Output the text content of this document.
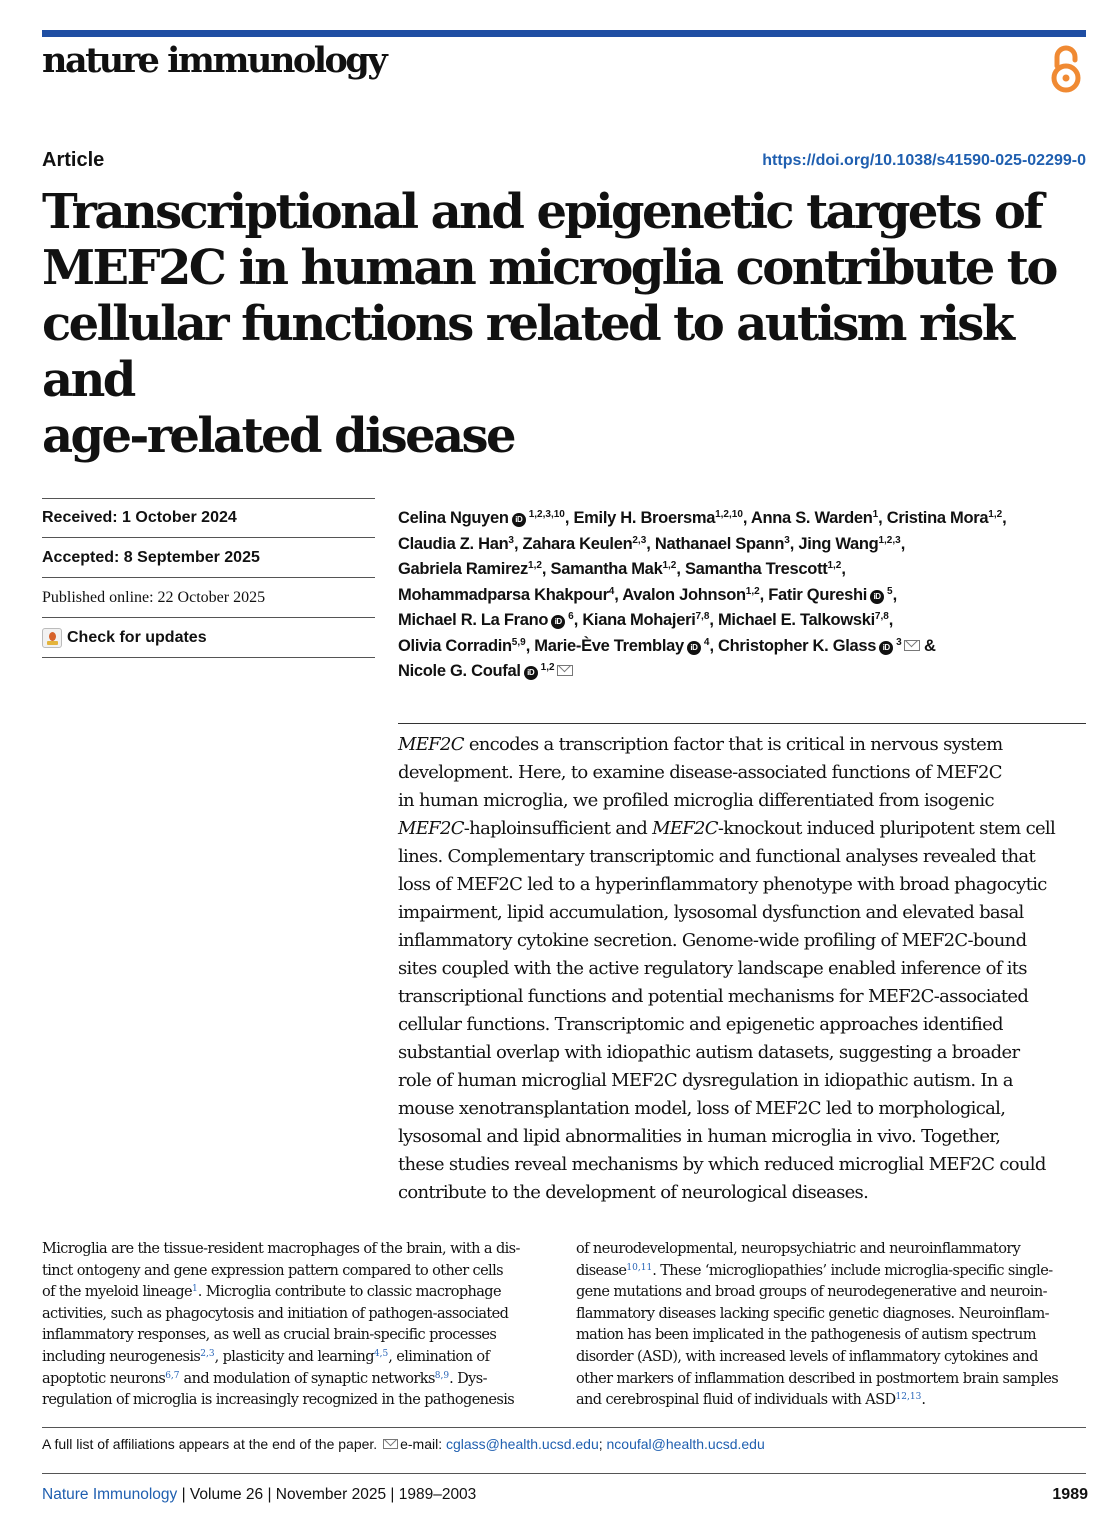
nature immunology
Article	https://doi.org/10.1038/s41590-025-02299-0
Transcriptional and epigenetic targets of
MEF2C in human microglia contribute to
cellular functions related to autism risk and
age-related disease
Received: 1 October 2024
Accepted: 8 September 2025
Published online: 22 October 2025
Check for updates
Celina Nguyen iD $^{1,2,3,10}$, Emily H. Broersma$^{1,2,10}$, Anna S. Warden$^1$, Cristina Mora$^{1,2}$,
Claudia Z. Han$^3$, Zahara Keulen$^{2,3}$, Nathanael Spann$^3$, Jing Wang$^{1,2,3}$,
Gabriela Ramirez$^{1,2}$, Samantha Mak$^{1,2}$, Samantha Trescott$^{1,2}$,
Mohammadparsa Khakpour$^4$, Avalon Johnson$^{1,2}$, Fatir Qureshi iD $^5$,
Michael R. La Frano iD $^6$, Kiana Mohajeri$^{7,8}$, Michael E. Talkowski$^{7,8}$,
Olivia Corradin$^{5,9}$, Marie-Ève Tremblay iD $^4$, Christopher K. Glass iD $^3$ &
Nicole G. Coufal iD $^{1,2}$

MEF2C encodes a transcription factor that is critical in nervous system

development. Here, to examine disease-associated functions of MEF2C

in human microglia, we profiled microglia differentiated from isogenic

MEF2C-haploinsufficient and MEF2C-knockout induced pluripotent stem cell

lines. Complementary transcriptomic and functional analyses revealed that

loss of MEF2C led to a hyperinflammatory phenotype with broad phagocytic

impairment, lipid accumulation, lysosomal dysfunction and elevated basal

inflammatory cytokine secretion. Genome-wide profiling of MEF2C-bound

sites coupled with the active regulatory landscape enabled inference of its

transcriptional functions and potential mechanisms for MEF2C-associated

cellular functions. Transcriptomic and epigenetic approaches identified

substantial overlap with idiopathic autism datasets, suggesting a broader

role of human microglial MEF2C dysregulation in idiopathic autism. In a

mouse xenotransplantation model, loss of MEF2C led to morphological,

lysosomal and lipid abnormalities in human microglia in vivo. Together,

these studies reveal mechanisms by which reduced microglial MEF2C could

contribute to the development of neurological diseases.

Microglia are the tissue-resident macrophages of the brain, with a dis-

tinct ontogeny and gene expression pattern compared to other cells

of the myeloid lineage$^1$. Microglia contribute to classic macrophage

activities, such as phagocytosis and initiation of pathogen-associated

inflammatory responses, as well as crucial brain-specific processes

including neurogenesis$^{2,3}$, plasticity and learning$^{4,5}$, elimination of

apoptotic neurons$^{6,7}$ and modulation of synaptic networks$^{8,9}$. Dys-

regulation of microglia is increasingly recognized in the pathogenesis

of neurodevelopmental, neuropsychiatric and neuroinflammatory

disease$^{10,11}$. These ‘microgliopathies’ include microglia-specific single-

gene mutations and broad groups of neurodegenerative and neuroin-

flammatory diseases lacking specific genetic diagnoses. Neuroinflam-

mation has been implicated in the pathogenesis of autism spectrum

disorder (ASD), with increased levels of inflammatory cytokines and

other markers of inflammation described in postmortem brain samples

and cerebrospinal fluid of individuals with ASD$^{12,13}$.

A full list of affiliations appears at the end of the paper. e-mail: cglass@health.ucsd.edu; ncoufal@health.ucsd.edu
Nature Immunology | Volume 26 | November 2025 | 1989–2003	1989
